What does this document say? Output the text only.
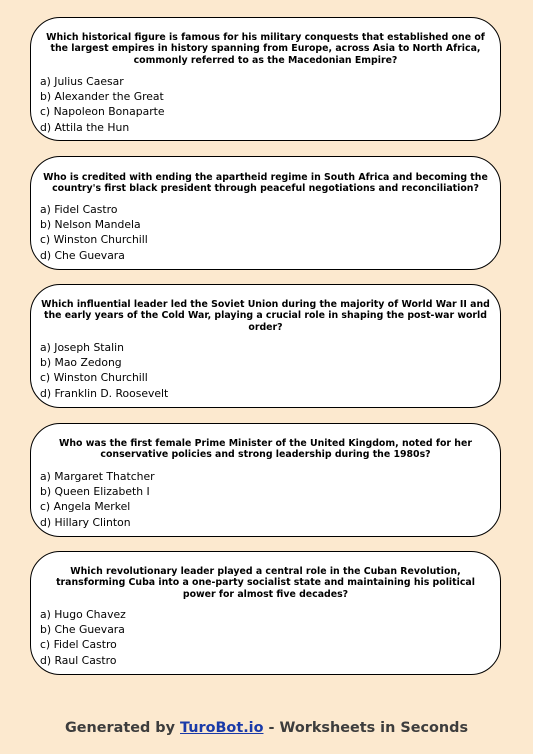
Which historical figure is famous for his military conquests that established one of the largest empires in history spanning from Europe, across Asia to North Africa, commonly referred to as the Macedonian Empire?
a) Julius Caesar
b) Alexander the Great
c) Napoleon Bonaparte
d) Attila the Hun
Who is credited with ending the apartheid regime in South Africa and becoming the country's first black president through peaceful negotiations and reconciliation?
a) Fidel Castro
b) Nelson Mandela
c) Winston Churchill
d) Che Guevara
Which influential leader led the Soviet Union during the majority of World War II and the early years of the Cold War, playing a crucial role in shaping the post-war world order?
a) Joseph Stalin
b) Mao Zedong
c) Winston Churchill
d) Franklin D. Roosevelt
Who was the first female Prime Minister of the United Kingdom, noted for her conservative policies and strong leadership during the 1980s?
a) Margaret Thatcher
b) Queen Elizabeth I
c) Angela Merkel
d) Hillary Clinton
Which revolutionary leader played a central role in the Cuban Revolution, transforming Cuba into a one-party socialist state and maintaining his political power for almost five decades?
a) Hugo Chavez
b) Che Guevara
c) Fidel Castro
d) Raul Castro
Generated by TuroBot.io - Worksheets in Seconds
